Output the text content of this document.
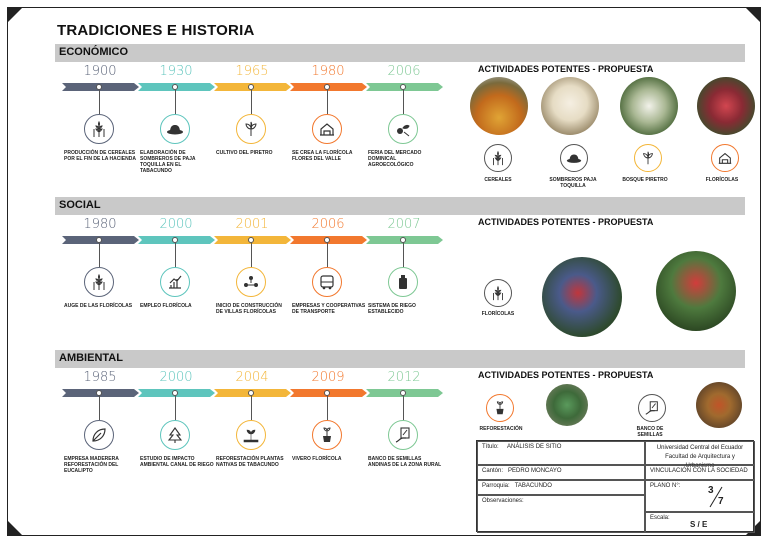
TRADICIONES E HISTORIA
ECONÓMICO
1900
PRODUCCIÓN DE CEREALES POR EL FIN DE LA HACIENDA
1930
ELABORACIÓN DE SOMBREROS DE PAJA TOQUILLA EN EL TABACUNDO
1965
CULTIVO DEL PIRETRO
1980
SE CREA LA FLORÍCOLA FLORES DEL VALLE
2006
FERIA DEL MERCADO DOMINICAL AGROECOLÓGICO
ACTIVIDADES POTENTES - PROPUESTA
CEREALES	SOMBREROS PAJA TOQUILLA
BOSQUE PIRETRO	FLORÍCOLAS
SOCIAL
1980
AUGE DE LAS FLORÍCOLAS
2000
EMPLEO FLORÍCOLA
2001
INICIO DE CONSTRUCCIÓN DE VILLAS FLORÍCOLAS
2006
EMPRESAS Y COOPERATIVAS DE TRANSPORTE
2007
SISTEMA DE RIEGO ESTABLECIDO
ACTIVIDADES POTENTES - PROPUESTA
FLORÍCOLAS
AMBIENTAL
1985
EMPRESA MADERERA REFORESTACIÓN DEL EUCALIPTO
2000
ESTUDIO DE IMPACTO AMBIENTAL CANAL DE RIEGO
2004
REFORESTACIÓN PLANTAS NATIVAS DE TABACUNDO
2009
VIVERO FLORÍCOLA
2012
BANCO DE SEMILLAS ANDINAS DE LA ZONA RURAL
ACTIVIDADES POTENTES - PROPUESTA
REFORESTACIÓN	BANCO DE SEMILLAS
Título: ANÁLISIS DE SITIO
Cantón: PEDRO MONCAYO
Parroquia: TABACUNDO
Observaciones:
Universidad Central del Ecuador
Facultad de Arquitectura y Urbanismo
VINCULACIÓN CON LA SOCIEDAD
PLANO N°:	3
7
Escala:
S / E
